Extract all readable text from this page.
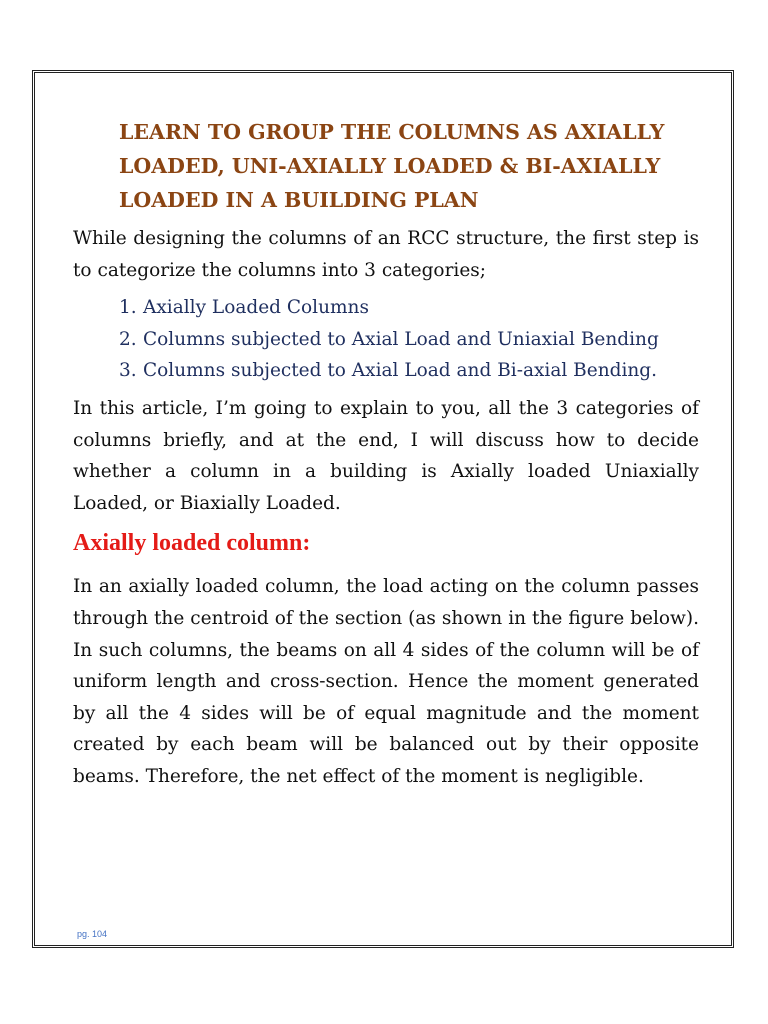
LEARN TO GROUP THE COLUMNS AS AXIALLY LOADED, UNI-AXIALLY LOADED & BI-AXIALLY LOADED IN A BUILDING PLAN

While designing the columns of an RCC structure, the first step is to categorize the columns into 3 categories;

1. Axially Loaded Columns
2. Columns subjected to Axial Load and Uniaxial Bending
3. Columns subjected to Axial Load and Bi-axial Bending.

In this article, I’m going to explain to you, all the 3 categories of columns briefly, and at the end, I will discuss how to decide whether a column in a building is Axially loaded Uniaxially Loaded, or Biaxially Loaded.

Axially loaded column:

In an axially loaded column, the load acting on the column passes through the centroid of the section (as shown in the figure below). In such columns, the beams on all 4 sides of the column will be of uniform length and cross-section. Hence the moment generated by all the 4 sides will be of equal magnitude and the moment created by each beam will be balanced out by their opposite beams. Therefore, the net effect of the moment is negligible.

pg. 104
